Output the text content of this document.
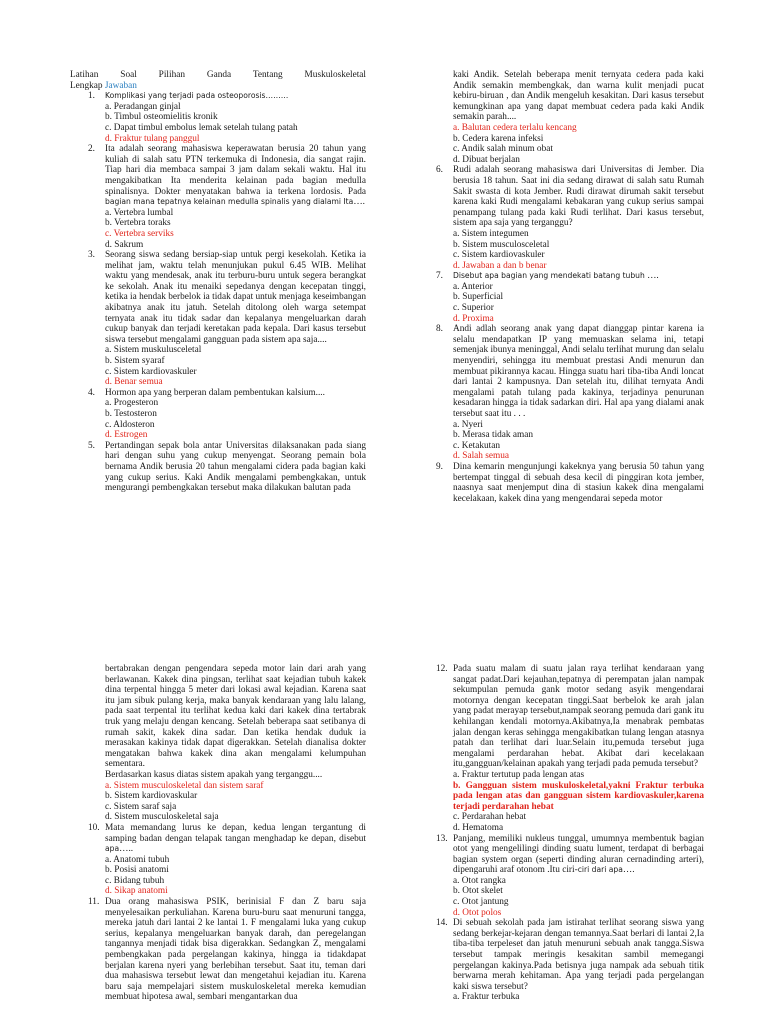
Latihan Soal Pilihan Ganda Tentang Muskuloskeletal
Lengkap Jawaban
1. Komplikasi yang terjadi pada osteoporosis………
a. Peradangan ginjal
b. Timbul osteomielitis kronik
c. Dapat timbul embolus lemak setelah tulang patah
d. Fraktur tulang panggul
2. Ita adalah seorang mahasiswa keperawatan berusia 20 tahun yang kuliah di salah satu PTN terkemuka di Indonesia, dia sangat rajin. Tiap hari dia membaca sampai 3 jam dalam sekali waktu. Hal itu mengakibatkan Ita menderita kelainan pada bagian medulla spinalisnya. Dokter menyatakan bahwa ia terkena lordosis. Pada bagian mana tepatnya kelainan medulla spinalis yang dialami Ita….
a. Vertebra lumbal
b. Vertebra toraks
c. Vertebra serviks
d. Sakrum
3. Seorang siswa sedang bersiap-siap untuk pergi kesekolah. Ketika ia melihat jam, waktu telah menunjukan pukul 6.45 WIB. Melihat waktu yang mendesak, anak itu terburu-buru untuk segera berangkat ke sekolah. Anak itu menaiki sepedanya dengan kecepatan tinggi, ketika ia hendak berbelok ia tidak dapat untuk menjaga keseimbangan akibatnya anak itu jatuh. Setelah ditolong oleh warga setempat ternyata anak itu tidak sadar dan kepalanya mengeluarkan darah cukup banyak dan terjadi keretakan pada kepala. Dari kasus tersebut siswa tersebut mengalami gangguan pada sistem apa saja....
a. Sistem muskulusceletal
b. Sistem syaraf
c. Sistem kardiovaskuler
d. Benar semua
4. Hormon apa yang berperan dalam pembentukan kalsium....
a. Progesteron
b. Testosteron
c. Aldosteron
d. Estrogen
5. Pertandingan sepak bola antar Universitas dilaksanakan pada siang hari dengan suhu yang cukup menyengat. Seorang pemain bola bernama Andik berusia 20 tahun mengalami cidera pada bagian kaki yang cukup serius. Kaki Andik mengalami pembengkakan, untuk mengurangi pembengkakan tersebut maka dilakukan balutan pada
kaki Andik. Setelah beberapa menit ternyata cedera pada kaki Andik semakin membengkak, dan warna kulit menjadi pucat kebiru-biruan , dan Andik mengeluh kesakitan. Dari kasus tersebut kemungkinan apa yang dapat membuat cedera pada kaki Andik semakin parah....
a. Balutan cedera terlalu kencang
b. Cedera karena infeksi
c. Andik salah minum obat
d. Dibuat berjalan
6. Rudi adalah seorang mahasiswa dari Universitas di Jember. Dia berusia 18 tahun. Saat ini dia sedang dirawat di salah satu Rumah Sakit swasta di kota Jember. Rudi dirawat dirumah sakit tersebut karena kaki Rudi mengalami kebakaran yang cukup serius sampai penampang tulang pada kaki Rudi terlihat. Dari kasus tersebut, sistem apa saja yang terganggu?
a. Sistem integumen
b. Sistem musculosceletal
c. Sistem kardiovaskuler
d. Jawaban a dan b benar
7. Disebut apa bagian yang mendekati batang tubuh ….
a. Anterior
b. Superficial
c. Superior
d. Proxima
8. Andi adlah seorang anak yang dapat dianggap pintar karena ia selalu mendapatkan IP yang memuaskan selama ini, tetapi semenjak ibunya meninggal, Andi selalu terlihat murung dan selalu menyendiri, sehingga itu membuat prestasi Andi menurun dan membuat pikirannya kacau. Hingga suatu hari tiba-tiba Andi loncat dari lantai 2 kampusnya. Dan setelah itu, dilihat ternyata Andi mengalami patah tulang pada kakinya, terjadinya penurunan kesadaran hingga ia tidak sadarkan diri. Hal apa yang dialami anak tersebut saat itu . . .
a. Nyeri
b. Merasa tidak aman
c. Ketakutan
d. Salah semua
9. Dina kemarin mengunjungi kakeknya yang berusia 50 tahun yang bertempat tinggal di sebuah desa kecil di pinggiran kota jember, naasnya saat menjemput dina di stasiun kakek dina mengalami kecelakaan, kakek dina yang mengendarai sepeda motor
bertabrakan dengan pengendara sepeda motor lain dari arah yang berlawanan. Kakek dina pingsan, terlihat saat kejadian tubuh kakek dina terpental hingga 5 meter dari lokasi awal kejadian. Karena saat itu jam sibuk pulang kerja, maka banyak kendaraan yang lalu lalang, pada saat terpental itu terlihat kedua kaki dari kakek dina tertabrak truk yang melaju dengan kencang. Setelah beberapa saat setibanya di rumah sakit, kakek dina sadar. Dan ketika hendak duduk ia merasakan kakinya tidak dapat digerakkan. Setelah dianalisa dokter mengatakan bahwa kakek dina akan mengalami kelumpuhan sementara.
Berdasarkan kasus diatas sistem apakah yang terganggu....
a. Sistem musculoskeletal dan sistem saraf
b. Sistem kardiovaskular
c. Sistem saraf saja
d. Sistem musculoskeletal saja
10. Mata memandang lurus ke depan, kedua lengan tergantung di samping badan dengan telapak tangan menghadap ke depan, disebut apa…..
a. Anatomi tubuh
b. Posisi anatomi
c. Bidang tubuh
d. Sikap anatomi
11. Dua orang mahasiswa PSIK, berinisial F dan Z baru saja menyelesaikan perkuliahan. Karena buru-buru saat menuruni tangga, mereka jatuh dari lantai 2 ke lantai 1. F mengalami luka yang cukup serius, kepalanya mengeluarkan banyak darah, dan peregelangan tangannya menjadi tidak bisa digerakkan. Sedangkan Z, mengalami pembengkakan pada pergelangan kakinya, hingga ia tidakdapat berjalan karena nyeri yang berlebihan tersebut. Saat itu, teman dari dua mahasiswa tersebut lewat dan mengetahui kejadian itu. Karena baru saja mempelajari sistem muskuloskeletal mereka kemudian membuat hipotesa awal, sembari mengantarkan dua
12. Pada suatu malam di suatu jalan raya terlihat kendaraan yang sangat padat.Dari kejauhan,tepatnya di perempatan jalan nampak sekumpulan pemuda gank motor sedang asyik mengendarai motornya dengan kecepatan tinggi.Saat berbelok ke arah jalan yang padat merayap tersebut,nampak seorang pemuda dari gank itu kehilangan kendali motornya.Akibatnya,Ia menabrak pembatas jalan dengan keras sehingga mengakibatkan tulang lengan atasnya patah dan terlihat dari luar.Selain itu,pemuda tersebut juga mengalami perdarahan hebat. Akibat dari kecelakaan itu,gangguan/kelainan apakah yang terjadi pada pemuda tersebut?
a. Fraktur tertutup pada lengan atas
b. Gangguan sistem muskuloskeletal,yakni Fraktur terbuka pada lengan atas dan gangguan sistem kardiovaskuler,karena terjadi perdarahan hebat
c. Perdarahan hebat
d. Hematoma
13. Panjang, memiliki nukleus tunggal, umumnya membentuk bagian otot yang mengelilingi dinding suatu lument, terdapat di berbagai bagian system organ (seperti dinding aluran cernadinding arteri), dipengaruhi araf otonom .Itu ciri-ciri dari apa….
a. Otot rangka
b. Otot skelet
c. Otot jantung
d. Otot polos
14. Di sebuah sekolah pada jam istirahat terlihat seorang siswa yang sedang berkejar-kejaran dengan temannya.Saat berlari di lantai 2,Ia tiba-tiba terpeleset dan jatuh menuruni sebuah anak tangga.Siswa tersebut tampak meringis kesakitan sambil memegangi pergelangan kakinya.Pada betisnya juga nampak ada sebuah titik berwarna merah kehitaman. Apa yang terjadi pada pergelangan kaki siswa tersebut?
a. Fraktur terbuka
